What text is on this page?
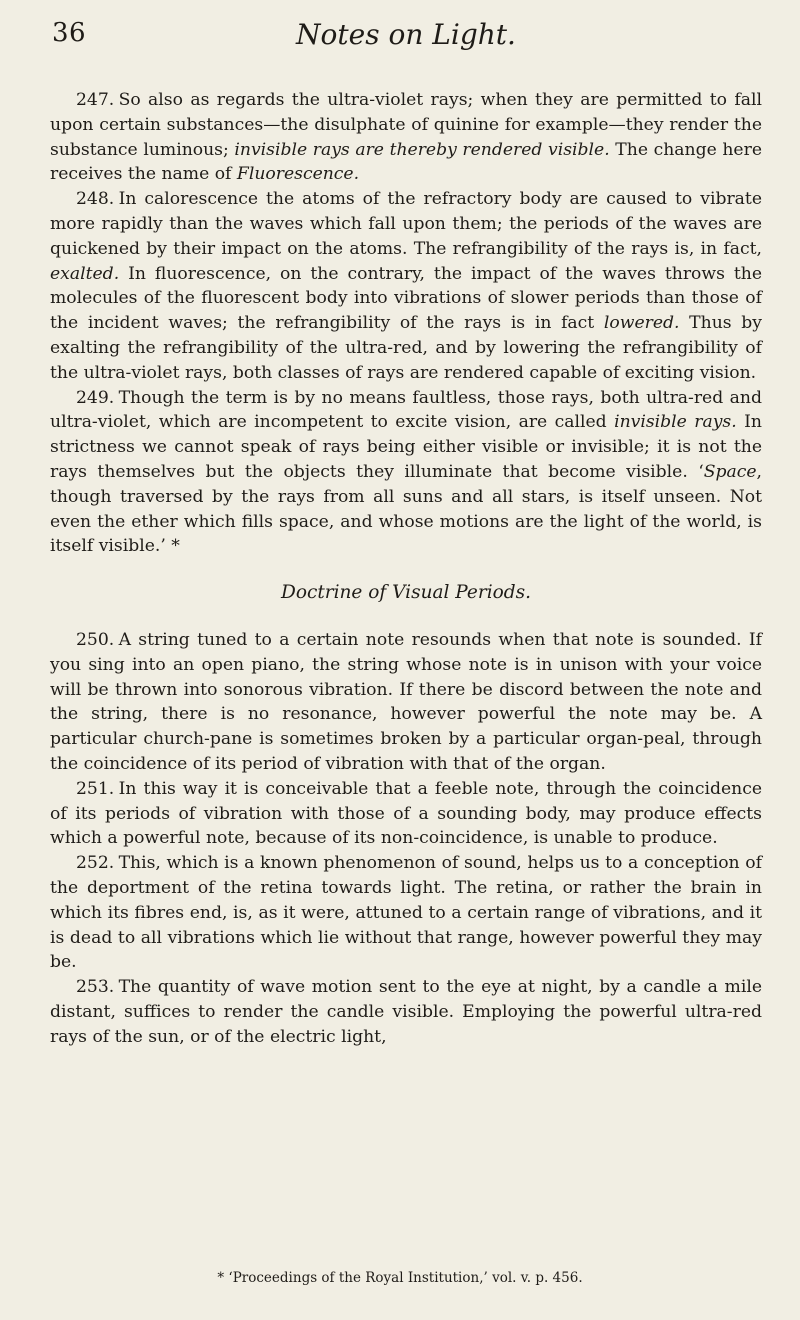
36	Notes on Light.

247. So also as regards the ultra-violet rays; when they are permitted to fall upon certain substances—the disulphate of quinine for example—they render the substance luminous; invisible rays are thereby rendered visible. The change here receives the name of Fluorescence.

248. In calorescence the atoms of the refractory body are caused to vibrate more rapidly than the waves which fall upon them; the periods of the waves are quickened by their impact on the atoms. The refrangibility of the rays is, in fact, exalted. In fluorescence, on the contrary, the impact of the waves throws the molecules of the fluorescent body into vibrations of slower periods than those of the incident waves; the refrangibility of the rays is in fact lowered. Thus by exalting the refrangibility of the ultra-red, and by lowering the refrangibility of the ultra-violet rays, both classes of rays are rendered capable of exciting vision.

249. Though the term is by no means faultless, those rays, both ultra-red and ultra-violet, which are incompetent to excite vision, are called invisible rays. In strictness we cannot speak of rays being either visible or invisible; it is not the rays themselves but the objects they illuminate that become visible. ‘Space, though traversed by the rays from all suns and all stars, is itself unseen. Not even the ether which fills space, and whose motions are the light of the world, is itself visible.’ *

Doctrine of Visual Periods.

250. A string tuned to a certain note resounds when that note is sounded. If you sing into an open piano, the string whose note is in unison with your voice will be thrown into sonorous vibration. If there be discord between the note and the string, there is no resonance, however powerful the note may be. A particular church-pane is sometimes broken by a particular organ-peal, through the coincidence of its period of vibration with that of the organ.

251. In this way it is conceivable that a feeble note, through the coincidence of its periods of vibration with those of a sounding body, may produce effects which a powerful note, because of its non-coincidence, is unable to produce.

252. This, which is a known phenomenon of sound, helps us to a conception of the deportment of the retina towards light. The retina, or rather the brain in which its fibres end, is, as it were, attuned to a certain range of vibrations, and it is dead to all vibrations which lie without that range, however powerful they may be.

253. The quantity of wave motion sent to the eye at night, by a candle a mile distant, suffices to render the candle visible. Employing the powerful ultra-red rays of the sun, or of the electric light,

* ‘Proceedings of the Royal Institution,’ vol. v. p. 456.
